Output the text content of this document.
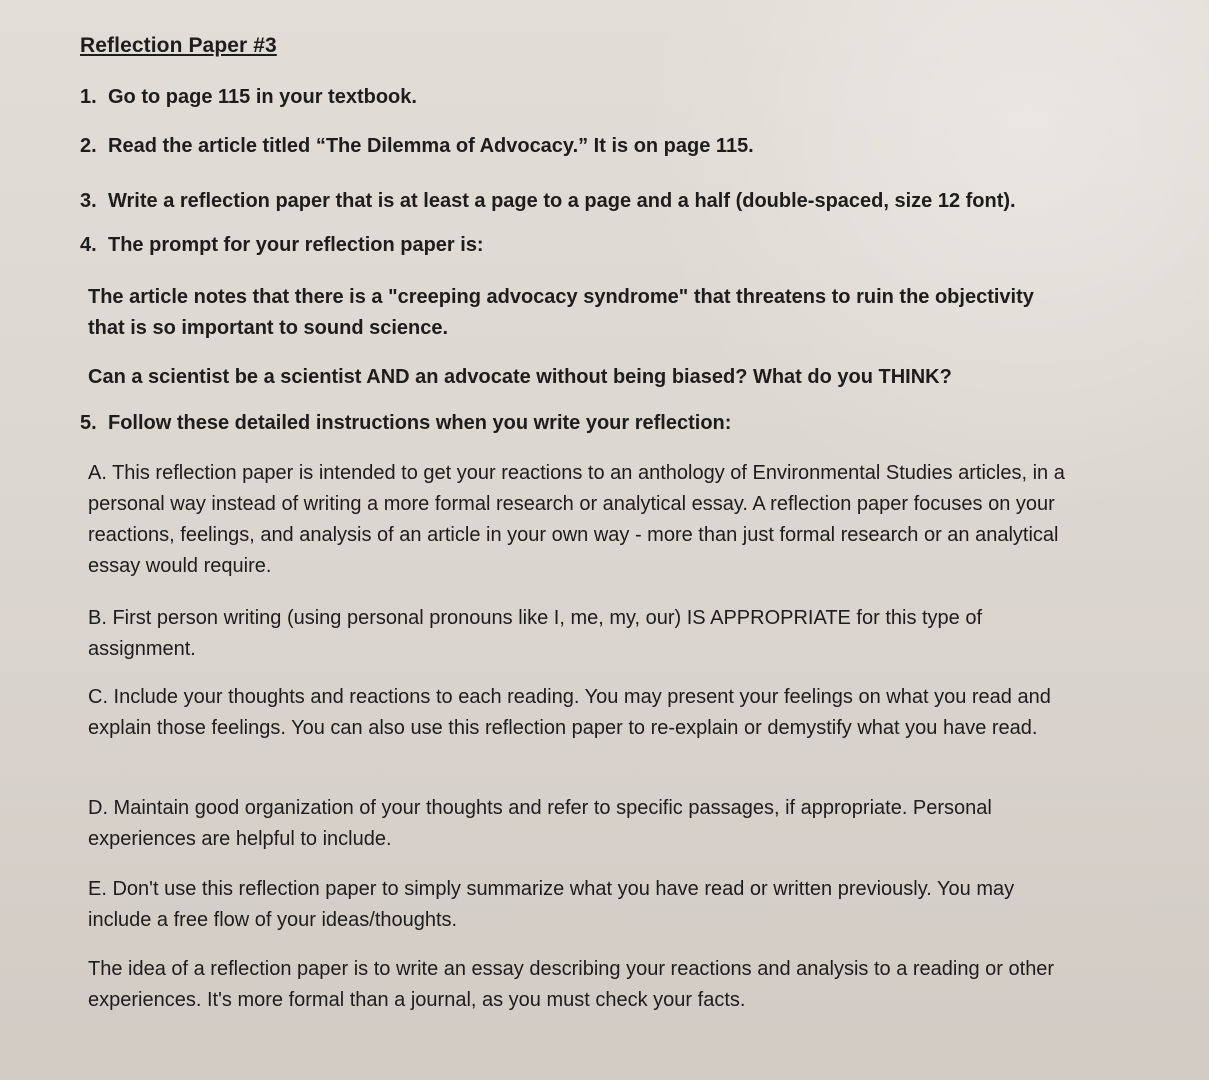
Reflection Paper #3

1. Go to page 115 in your textbook.

2. Read the article titled “The Dilemma of Advocacy.” It is on page 115.

3. Write a reflection paper that is at least a page to a page and a half (double-spaced, size 12 font).

4. The prompt for your reflection paper is:

The article notes that there is a "creeping advocacy syndrome" that threatens to ruin the objectivity
that is so important to sound science.

Can a scientist be a scientist AND an advocate without being biased? What do you THINK?

5. Follow these detailed instructions when you write your reflection:

A. This reflection paper is intended to get your reactions to an anthology of Environmental Studies articles, in a personal way instead of writing a more formal research or analytical essay. A reflection paper focuses on your reactions, feelings, and analysis of an article in your own way - more than just formal research or an analytical essay would require.

B. First person writing (using personal pronouns like I, me, my, our) IS APPROPRIATE for this type of assignment.

C. Include your thoughts and reactions to each reading. You may present your feelings on what you read and explain those feelings. You can also use this reflection paper to re-explain or demystify what you have read.

D. Maintain good organization of your thoughts and refer to specific passages, if appropriate. Personal experiences are helpful to include.

E. Don't use this reflection paper to simply summarize what you have read or written previously. You may include a free flow of your ideas/thoughts.

The idea of a reflection paper is to write an essay describing your reactions and analysis to a reading or other experiences. It's more formal than a journal, as you must check your facts.
